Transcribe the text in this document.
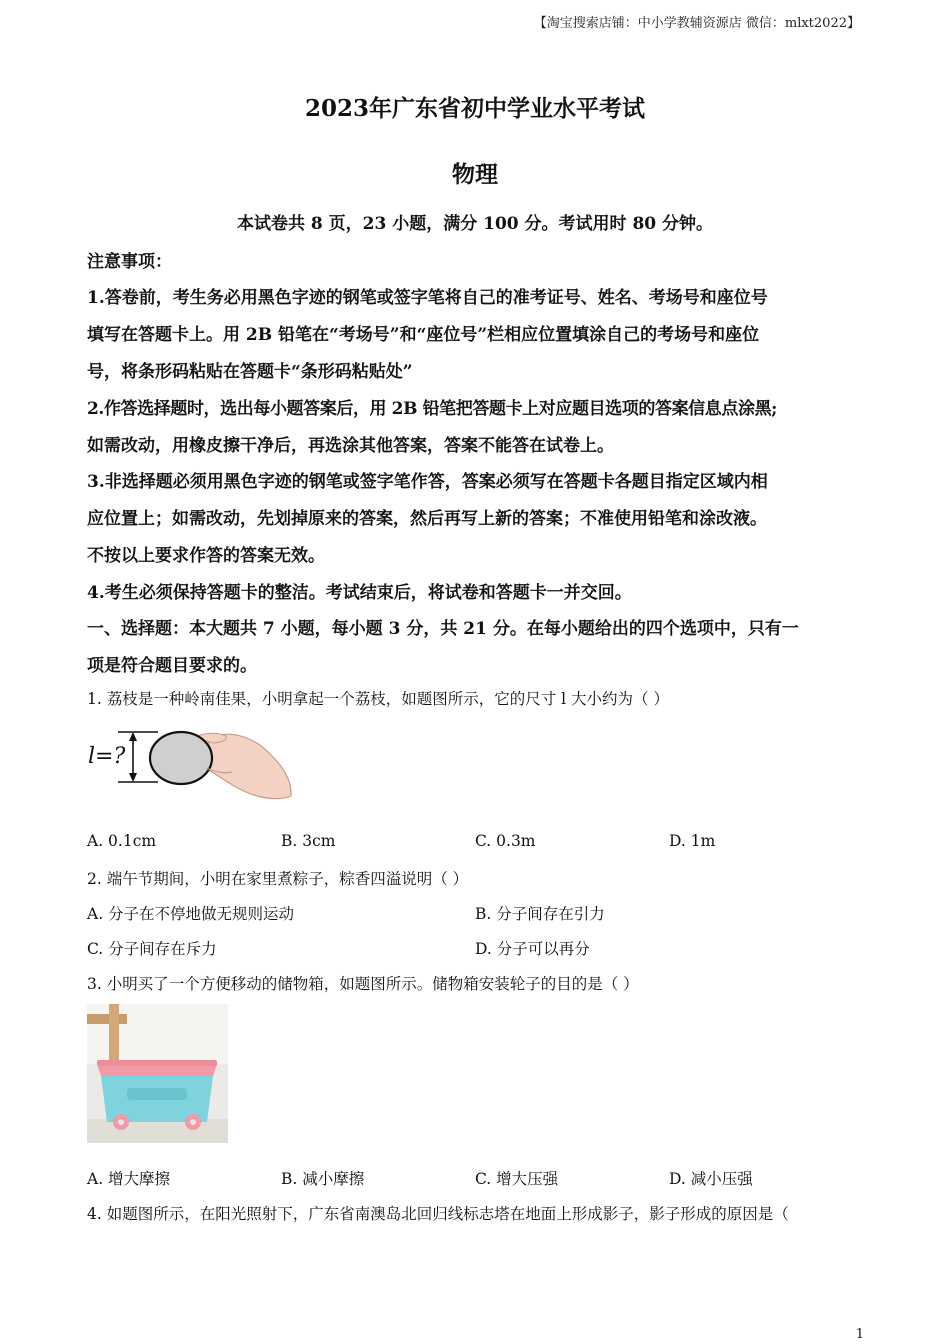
【淘宝搜索店铺：中小学教辅资源店 微信：mlxt2022】
2023年广东省初中学业水平考试
物理
本试卷共 8 页，23 小题，满分 100 分。考试用时 80 分钟。
注意事项：
1.答卷前，考生务必用黑色字迹的钢笔或签字笔将自己的准考证号、姓名、考场号和座位号
填写在答题卡上。用 2B 铅笔在“考场号”和“座位号”栏相应位置填涂自己的考场号和座位
号，将条形码粘贴在答题卡“条形码粘贴处”
2.作答选择题时，选出每小题答案后，用 2B 铅笔把答题卡上对应题目选项的答案信息点涂黑;
如需改动，用橡皮擦干净后，再选涂其他答案，答案不能答在试卷上。
3.非选择题必须用黑色字迹的钢笔或签字笔作答，答案必须写在答题卡各题目指定区域内相
应位置上；如需改动，先划掉原来的答案，然后再写上新的答案；不准使用铅笔和涂改液。
不按以上要求作答的答案无效。
4.考生必须保持答题卡的整洁。考试结束后，将试卷和答题卡一并交回。
一、选择题：本大题共 7 小题，每小题 3 分，共 21 分。在每小题给出的四个选项中，只有一
项是符合题目要求的。
1. 荔枝是一种岭南佳果，小明拿起一个荔枝，如题图所示，它的尺寸 l 大小约为（ ）
l=?
A. 0.1cm	B. 3cm	C. 0.3m	D. 1m
2. 端午节期间，小明在家里煮粽子，粽香四溢说明（ ）
A. 分子在不停地做无规则运动	B. 分子间存在引力
C. 分子间存在斥力	D. 分子可以再分
3. 小明买了一个方便移动的储物箱，如题图所示。储物箱安装轮子的目的是（ ）
A. 增大摩擦	B. 减小摩擦	C. 增大压强	D. 减小压强
4. 如题图所示，在阳光照射下，广东省南澳岛北回归线标志塔在地面上形成影子，影子形成的原因是（
1
